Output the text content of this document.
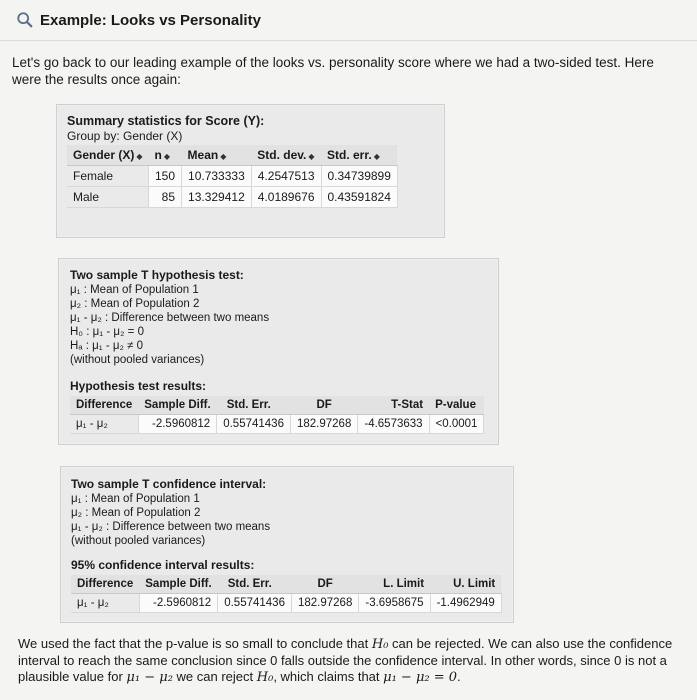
Example: Looks vs Personality
Let's go back to our leading example of the looks vs. personality score where we had a two-sided test. Here were the results once again:
Summary statistics for Score (Y):
Group by: Gender (X)
Gender (X) ◆	n ◆	Mean ◆	Std. dev. ◆	Std. err. ◆
Female	150	10.733333	4.2547513	0.34739899
Male	85	13.329412	4.0189676	0.43591824
Two sample T hypothesis test:
μ₁ : Mean of Population 1
μ₂ : Mean of Population 2
μ₁ - μ₂ : Difference between two means
H₀ : μ₁ - μ₂ = 0
Hₐ : μ₁ - μ₂ ≠ 0
(without pooled variances)
Hypothesis test results:
Difference	Sample Diff.	Std. Err.	DF	T-Stat	P-value
μ₁ - μ₂	-2.5960812	0.55741436	182.97268	-4.6573633	<0.0001
Two sample T confidence interval:
μ₁ : Mean of Population 1
μ₂ : Mean of Population 2
μ₁ - μ₂ : Difference between two means
(without pooled variances)
95% confidence interval results:
Difference	Sample Diff.	Std. Err.	DF	L. Limit	U. Limit
μ₁ - μ₂	-2.5960812	0.55741436	182.97268	-3.6958675	-1.4962949
We used the fact that the p-value is so small to conclude that H₀ can be rejected. We can also use the confidence interval to reach the same conclusion since 0 falls outside the confidence interval. In other words, since 0 is not a plausible value for μ₁ − μ₂ we can reject H₀, which claims that μ₁ − μ₂ = 0.
